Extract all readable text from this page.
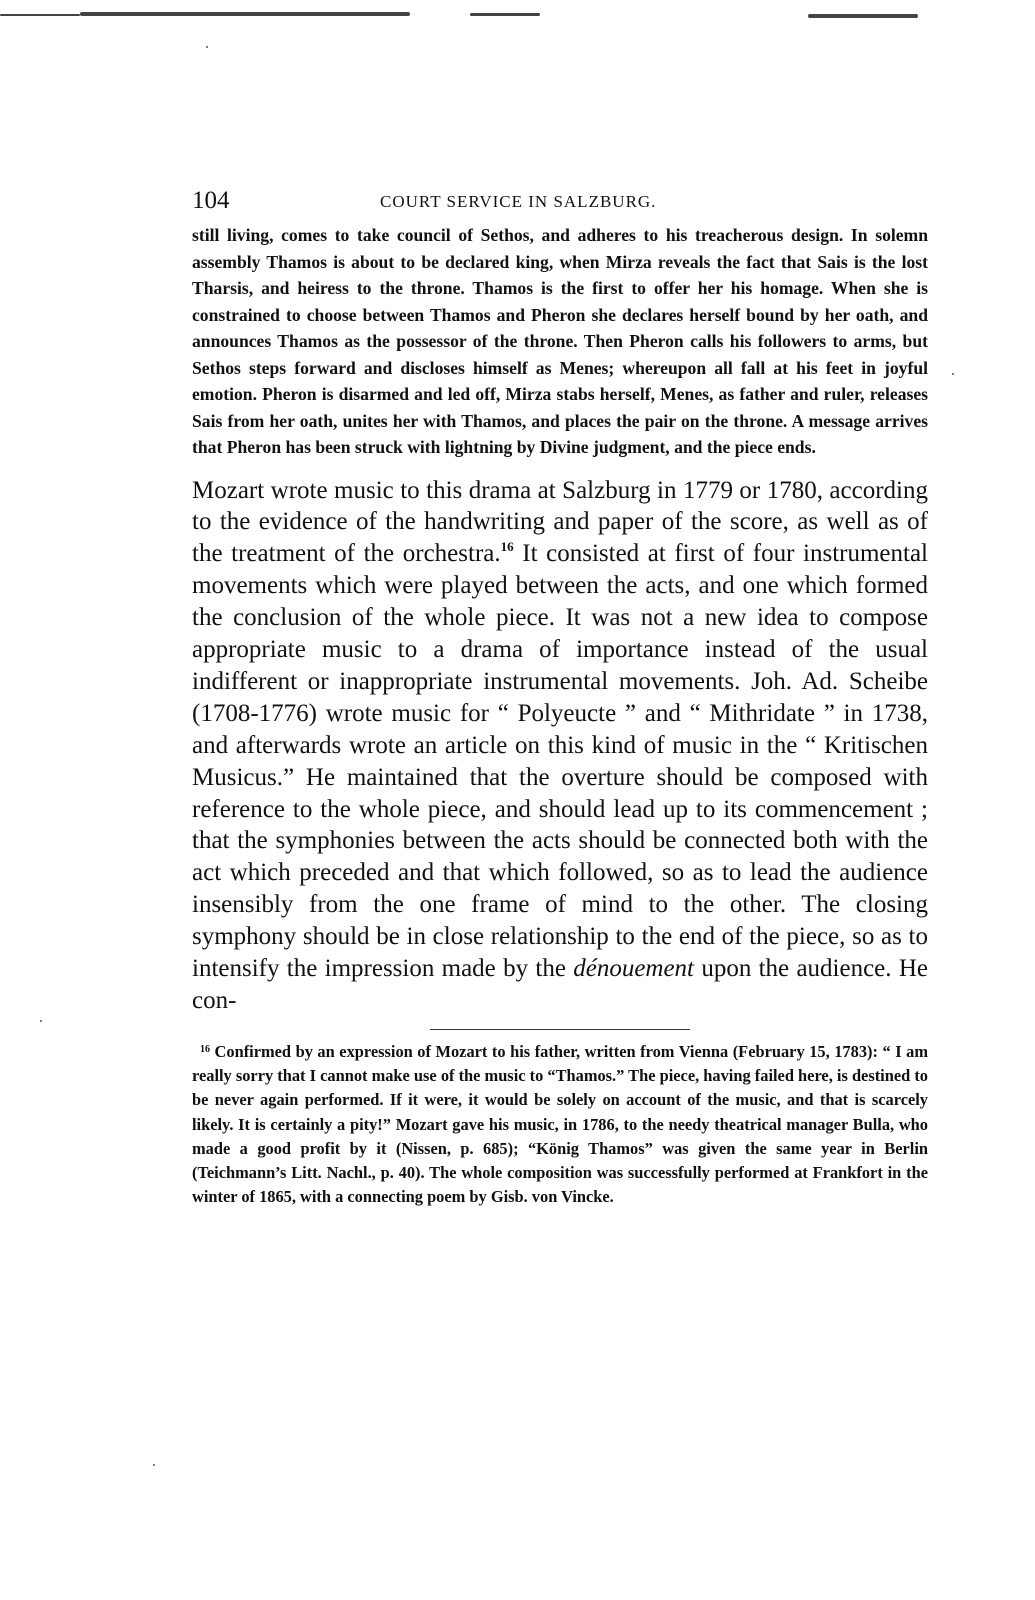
104	COURT SERVICE IN SALZBURG.

still living, comes to take council of Sethos, and adheres to his treacherous design. In solemn assembly Thamos is about to be declared king, when Mirza reveals the fact that Sais is the lost Tharsis, and heiress to the throne. Thamos is the first to offer her his homage. When she is constrained to choose between Thamos and Pheron she declares herself bound by her oath, and announces Thamos as the possessor of the throne. Then Pheron calls his followers to arms, but Sethos steps forward and discloses himself as Menes; whereupon all fall at his feet in joyful emotion. Pheron is disarmed and led off, Mirza stabs herself, Menes, as father and ruler, releases Sais from her oath, unites her with Thamos, and places the pair on the throne. A message arrives that Pheron has been struck with lightning by Divine judgment, and the piece ends.

Mozart wrote music to this drama at Salzburg in 1779 or 1780, according to the evidence of the handwriting and paper of the score, as well as of the treatment of the orchestra.$^{16}$ It consisted at first of four instrumental movements which were played between the acts, and one which formed the conclusion of the whole piece. It was not a new idea to compose appropriate music to a drama of importance instead of the usual indifferent or inappropriate instrumental movements. Joh. Ad. Scheibe (1708-1776) wrote music for “ Polyeucte ” and “ Mithridate ” in 1738, and afterwards wrote an article on this kind of music in the “ Kritischen Musicus.” He maintained that the overture should be composed with reference to the whole piece, and should lead up to its commencement ; that the symphonies between the acts should be connected both with the act which preceded and that which followed, so as to lead the audience insensibly from the one frame of mind to the other. The closing symphony should be in close relationship to the end of the piece, so as to intensify the impression made by the dénouement upon the audience. He con-

$^{16}$ Confirmed by an expression of Mozart to his father, written from Vienna (February 15, 1783): “ I am really sorry that I cannot make use of the music to “Thamos.” The piece, having failed here, is destined to be never again performed. If it were, it would be solely on account of the music, and that is scarcely likely. It is certainly a pity!” Mozart gave his music, in 1786, to the needy theatrical manager Bulla, who made a good profit by it (Nissen, p. 685); “König Thamos” was given the same year in Berlin (Teichmann’s Litt. Nachl., p. 40). The whole composition was successfully performed at Frankfort in the winter of 1865, with a connecting poem by Gisb. von Vincke.
